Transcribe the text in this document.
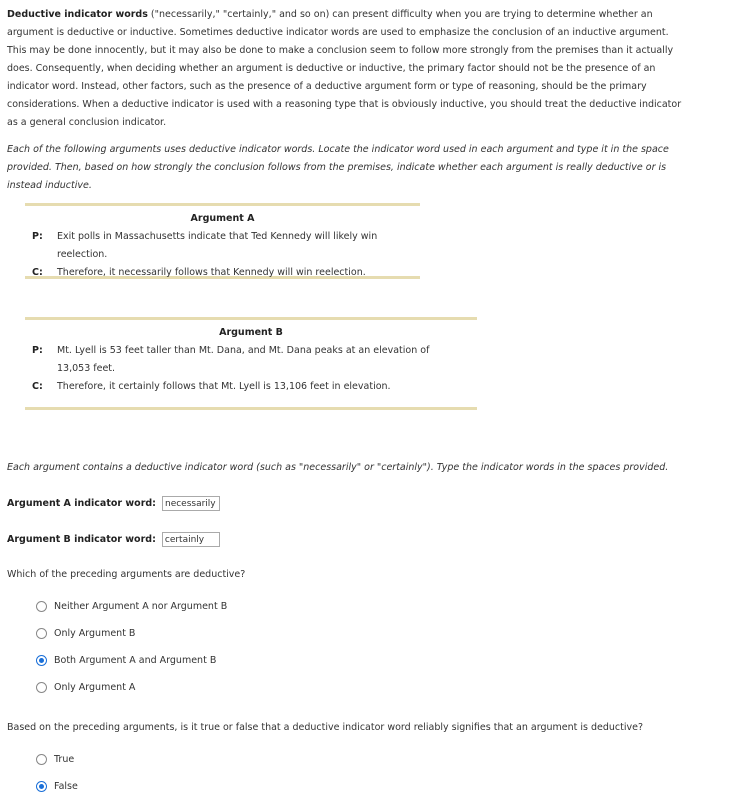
Deductive indicator words ("necessarily," "certainly," and so on) can present difficulty when you are trying to determine whether an argument is deductive or inductive. Sometimes deductive indicator words are used to emphasize the conclusion of an inductive argument. This may be done innocently, but it may also be done to make a conclusion seem to follow more strongly from the premises than it actually does. Consequently, when deciding whether an argument is deductive or inductive, the primary factor should not be the presence of an indicator word. Instead, other factors, such as the presence of a deductive argument form or type of reasoning, should be the primary considerations. When a deductive indicator is used with a reasoning type that is obviously inductive, you should treat the deductive indicator as a general conclusion indicator.
Each of the following arguments uses deductive indicator words. Locate the indicator word used in each argument and type it in the space provided. Then, based on how strongly the conclusion follows from the premises, indicate whether each argument is really deductive or is instead inductive.
Argument A
P:	Exit polls in Massachusetts indicate that Ted Kennedy will likely win reelection.
C:	Therefore, it necessarily follows that Kennedy will win reelection.
Argument B
P:	Mt. Lyell is 53 feet taller than Mt. Dana, and Mt. Dana peaks at an elevation of 13,053 feet.
C:	Therefore, it certainly follows that Mt. Lyell is 13,106 feet in elevation.
Each argument contains a deductive indicator word (such as "necessarily" or "certainly"). Type the indicator words in the spaces provided.
Argument A indicator word:
necessarily
Argument B indicator word:
certainly
Which of the preceding arguments are deductive?
Neither Argument A nor Argument B
Only Argument B
Both Argument A and Argument B
Only Argument A
Based on the preceding arguments, is it true or false that a deductive indicator word reliably signifies that an argument is deductive?
True
False
